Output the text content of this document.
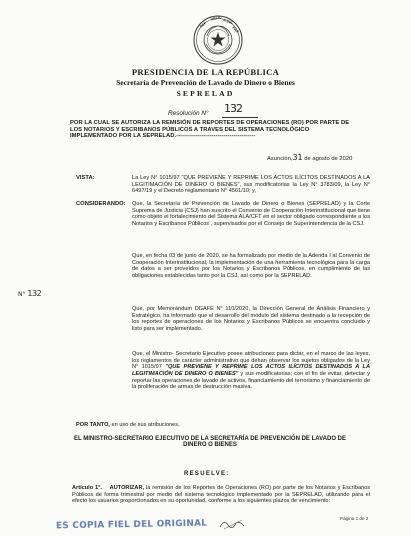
REP
UBLIC A DEL
PAR
PRESIDENCIA DE LA REPÚBLICA
Secretaría de Prevención de Lavado de Dinero o Bienes
SEPRELAD
Resolución N° 132
POR LA CUAL SE AUTORIZA LA REMISIÓN DE REPORTES DE OPERACIONES (RO) POR PARTE DE LOS NOTARIOS Y ESCRIBANOS PÚBLICOS A TRAVES DEL SISTEMA TECNOLÓGICO IMPLEMENTADO POR LA SEPRELAD.----------------------------------------
Asunción,31 de agosto de 2020
VISTA:	La Ley N° 1015/97 "QUE PREVIENE Y REPRIME LOS ACTOS ILÍCITOS DESTINADOS A LA LEGITIMACIÓN DE DINERO O BIENES", sus modificatorias la Ley N° 3783/09, la Ley N° 6497/19 y el Decreto reglamentario N° 4561/10; y,
CONSIDERANDO: Que, la Secretaría de Prevención de Lavado de Dinero o Bienes (SEPRELAD) y la Corte Suprema de Justicia (CSJ) han suscrito el Convenio de Cooperación Interinstitucional que tiene como objeto el fortalecimiento del Sistema ALA/CFT en el sector obligado correspondiente a los Notarios y Escribanos Públicos , supervisados por el Consejo de Superintendencia de la CSJ.
Que, en fecha 03 de junio de 2020, se ha formalizado por medio de la Adenda I al Convenio de Cooperación Interinstitucional, la implementación de una herramienta tecnológica para la carga de datos a ser proveídos por los Notarios y Escribanos Públicos, en cumplimiento de las obligaciones establecidas tanto por la CSJ, así como por la SEPRELAD.
Que, por Memorándum DGAFE N° 110/2020, la Dirección General de Análisis Financiero y Estratégico, ha informado que el desarrollo del módulo del sistema destinado a la recepción de los reportes de operaciones de los Notarios y Escribanos Públicos se encuentra concluido y listo para ser implementado.
Que, el Ministro- Secretario Ejecutivo posee atribuciones para dictar, en el marco de las leyes, los reglamentos de carácter administrativo que deban observar los sujetos obligados de la Ley N° 1015/97 "QUE PREVIENE Y REPRIME LOS ACTOS ILÍCITOS DESTINADOS A LA LEGITIMACIÓN DE DINERO O BIENES" y sus modificatorias; con el fin de evitar, detectar y reportar las operaciones de lavado de activos, financiamiento del terrorismo y financiamiento de la proliferación de armas de destrucción masiva.
N° 132
POR TANTO, en uso de sus atribuciones,
EL MINISTRO-SECRETARIO EJECUTIVO DE LA SECRETARÍA DE PREVENCIÓN DE LAVADO DE DINERO O BIENES
RESUELVE:
Artículo 1°. AUTORIZAR, la remisión de los Reportes de Operaciones (RO) por parte de los Notarios y Escribanos Públicos de forma trimestral por medio del sistema tecnológico implementado por la SEPRELAD, utilizando para el efecto los usuarios proporcionados en su oportunidad, conforme a los siguientes plazos de vencimiento:
ES COPIA FIEL DEL ORIGINAL
Página 1 de 2
